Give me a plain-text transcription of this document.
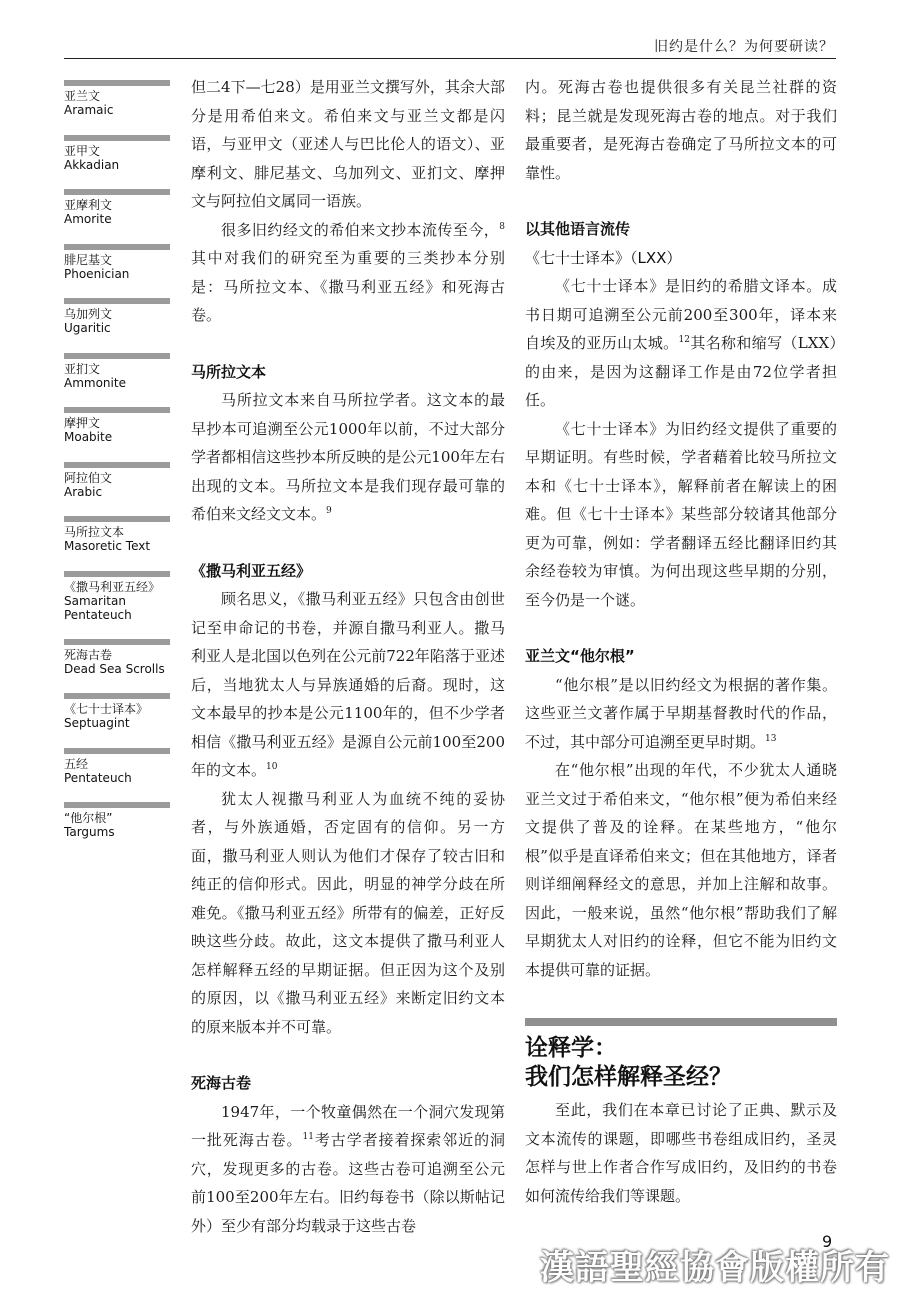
旧约是什么？为何要研读？
亚兰文
Aramaic
亚甲文
Akkadian
亚摩利文
Amorite
腓尼基文
Phoenician
乌加列文
Ugaritic
亚扪文
Ammonite
摩押文
Moabite
阿拉伯文
Arabic
马所拉文本
Masoretic Text
《撒马利亚五经》
Samaritan
Pentateuch
死海古卷
Dead Sea Scrolls
《七十士译本》
Septuagint
五经
Pentateuch
“他尔根”
Targums

但二4下—七28）是用亚兰文撰写外，其余大部分是用希伯来文。希伯来文与亚兰文都是闪语，与亚甲文（亚述人与巴比伦人的语文）、亚摩利文、腓尼基文、乌加列文、亚扪文、摩押文与阿拉伯文属同一语族。

很多旧约经文的希伯来文抄本流传至今，$^8$其中对我们的研究至为重要的三类抄本分别是：马所拉文本、《撒马利亚五经》和死海古卷。

马所拉文本

马所拉文本来自马所拉学者。这文本的最早抄本可追溯至公元1000年以前，不过大部分学者都相信这些抄本所反映的是公元100年左右出现的文本。马所拉文本是我们现存最可靠的希伯来文经文文本。$^9$

《撒马利亚五经》

顾名思义，《撒马利亚五经》只包含由创世记至申命记的书卷，并源自撒马利亚人。撒马利亚人是北国以色列在公元前722年陷落于亚述后，当地犹太人与异族通婚的后裔。现时，这文本最早的抄本是公元1100年的，但不少学者相信《撒马利亚五经》是源自公元前100至200年的文本。$^{10}$

犹太人视撒马利亚人为血统不纯的妥协者，与外族通婚，否定固有的信仰。另一方面，撒马利亚人则认为他们才保存了较古旧和纯正的信仰形式。因此，明显的神学分歧在所难免。《撒马利亚五经》所带有的偏差，正好反映这些分歧。故此，这文本提供了撒马利亚人怎样解释五经的早期证据。但正因为这个及别的原因，以《撒马利亚五经》来断定旧约文本的原来版本并不可靠。

死海古卷

1947年，一个牧童偶然在一个洞穴发现第一批死海古卷。$^{11}$考古学者接着探索邻近的洞穴，发现更多的古卷。这些古卷可追溯至公元前100至200年左右。旧约每卷书（除以斯帖记外）至少有部分均载录于这些古卷

内。死海古卷也提供很多有关昆兰社群的资料；昆兰就是发现死海古卷的地点。对于我们最重要者，是死海古卷确定了马所拉文本的可靠性。

以其他语言流传
《七十士译本》（LXX）

《七十士译本》是旧约的希腊文译本。成书日期可追溯至公元前200至300年，译本来自埃及的亚历山太城。$^{12}$其名称和缩写（LXX）的由来，是因为这翻译工作是由72位学者担任。

《七十士译本》为旧约经文提供了重要的早期证明。有些时候，学者藉着比较马所拉文本和《七十士译本》，解释前者在解读上的困难。但《七十士译本》某些部分较诸其他部分更为可靠，例如：学者翻译五经比翻译旧约其余经卷较为审慎。为何出现这些早期的分别，至今仍是一个谜。

亚兰文“他尔根”

“他尔根”是以旧约经文为根据的著作集。这些亚兰文著作属于早期基督教时代的作品，不过，其中部分可追溯至更早时期。$^{13}$

在“他尔根”出现的年代，不少犹太人通晓亚兰文过于希伯来文，“他尔根”便为希伯来经文提供了普及的诠释。在某些地方，“他尔根”似乎是直译希伯来文；但在其他地方，译者则详细阐释经文的意思，并加上注解和故事。因此，一般来说，虽然“他尔根”帮助我们了解早期犹太人对旧约的诠释，但它不能为旧约文本提供可靠的证据。

诠释学：
我们怎样解释圣经？

至此，我们在本章已讨论了正典、默示及文本流传的课题，即哪些书卷组成旧约，圣灵怎样与世上作者合作写成旧约，及旧约的书卷如何流传给我们等课题。

9
漢語聖經協會版權所有
